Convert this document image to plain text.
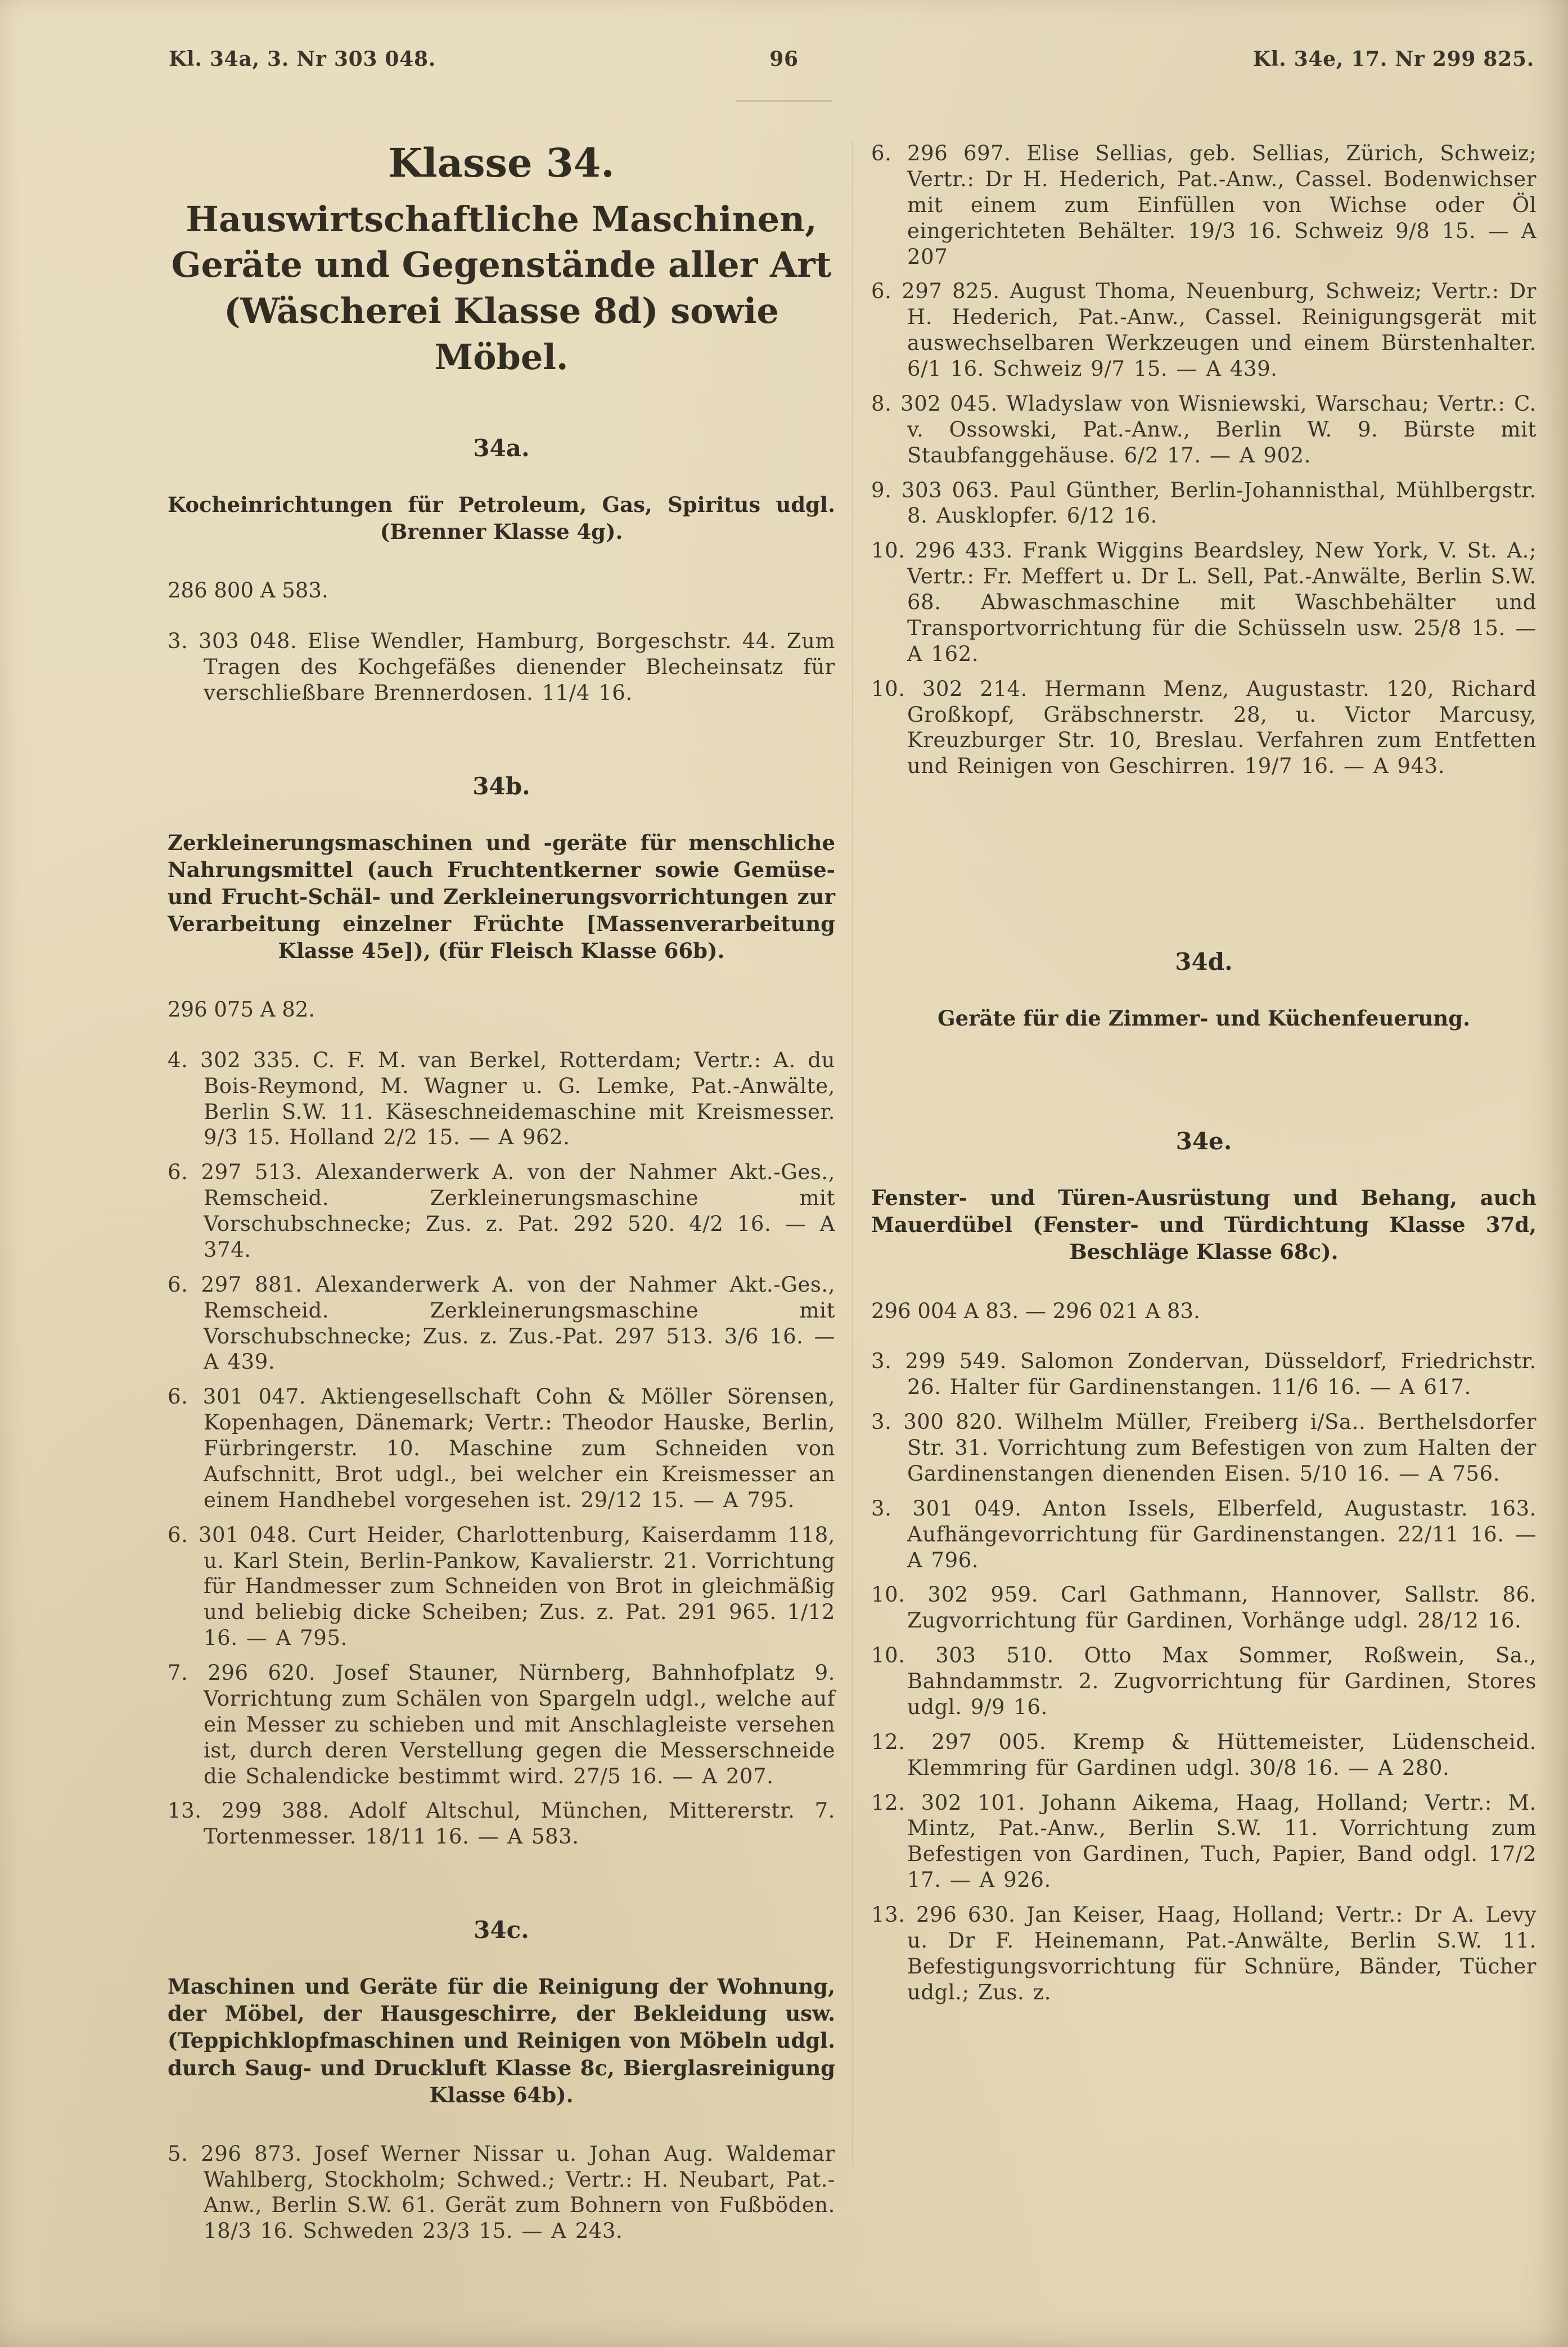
Kl. 34a, 3. Nr 303 048.	96	Kl. 34e, 17. Nr 299 825.
Klasse 34.
Hauswirtschaftliche Maschinen, Geräte und Gegenstände aller Art (Wäscherei Klasse 8d) sowie Möbel.
34a.
Kocheinrichtungen für Petroleum, Gas, Spiritus udgl. (Brenner Klasse 4g).

286 800 A 583.

3. 303 048. Elise Wendler, Hamburg, Borgeschstr. 44. Zum Tragen des Kochgefäßes dienender Blecheinsatz für verschließbare Brennerdosen. 11/4 16.

34b.
Zerkleinerungsmaschinen und -geräte für menschliche Nahrungsmittel (auch Fruchtentkerner sowie Gemüse- und Frucht-Schäl- und Zerkleinerungsvorrichtungen zur Verarbeitung einzelner Früchte [Massenverarbeitung Klasse 45e]), (für Fleisch Klasse 66b).

296 075 A 82.

4. 302 335. C. F. M. van Berkel, Rotterdam; Vertr.: A. du Bois-Reymond, M. Wagner u. G. Lemke, Pat.-Anwälte, Berlin S.W. 11. Käseschneidemaschine mit Kreismesser. 9/3 15. Holland 2/2 15. — A 962.

6. 297 513. Alexanderwerk A. von der Nahmer Akt.-Ges., Remscheid. Zerkleinerungsmaschine mit Vorschubschnecke; Zus. z. Pat. 292 520. 4/2 16. — A 374.

6. 297 881. Alexanderwerk A. von der Nahmer Akt.-Ges., Remscheid. Zerkleinerungsmaschine mit Vorschubschnecke; Zus. z. Zus.-Pat. 297 513. 3/6 16. — A 439.

6. 301 047. Aktiengesellschaft Cohn & Möller Sörensen, Kopenhagen, Dänemark; Vertr.: Theodor Hauske, Berlin, Fürbringerstr. 10. Maschine zum Schneiden von Aufschnitt, Brot udgl., bei welcher ein Kreismesser an einem Handhebel vorgesehen ist. 29/12 15. — A 795.

6. 301 048. Curt Heider, Charlottenburg, Kaiserdamm 118, u. Karl Stein, Berlin-Pankow, Kavalierstr. 21. Vorrichtung für Handmesser zum Schneiden von Brot in gleichmäßig und beliebig dicke Scheiben; Zus. z. Pat. 291 965. 1/12 16. — A 795.

7. 296 620. Josef Stauner, Nürnberg, Bahnhofplatz 9. Vorrichtung zum Schälen von Spargeln udgl., welche auf ein Messer zu schieben und mit Anschlagleiste versehen ist, durch deren Verstellung gegen die Messerschneide die Schalendicke bestimmt wird. 27/5 16. — A 207.

13. 299 388. Adolf Altschul, München, Mittererstr. 7. Tortenmesser. 18/11 16. — A 583.

34c.
Maschinen und Geräte für die Reinigung der Wohnung, der Möbel, der Hausgeschirre, der Bekleidung usw. (Teppichklopfmaschinen und Reinigen von Möbeln udgl. durch Saug- und Druckluft Klasse 8c, Bierglasreinigung Klasse 64b).

5. 296 873. Josef Werner Nissar u. Johan Aug. Waldemar Wahlberg, Stockholm; Schwed.; Vertr.: H. Neubart, Pat.-Anw., Berlin S.W. 61. Gerät zum Bohnern von Fußböden. 18/3 16. Schweden 23/3 15. — A 243.

6. 296 697. Elise Sellias, geb. Sellias, Zürich, Schweiz; Vertr.: Dr H. Hederich, Pat.-Anw., Cassel. Bodenwichser mit einem zum Einfüllen von Wichse oder Öl eingerichteten Behälter. 19/3 16. Schweiz 9/8 15. — A 207

6. 297 825. August Thoma, Neuenburg, Schweiz; Vertr.: Dr H. Hederich, Pat.-Anw., Cassel. Reinigungsgerät mit auswechselbaren Werkzeugen und einem Bürstenhalter. 6/1 16. Schweiz 9/7 15. — A 439.

8. 302 045. Wladyslaw von Wisniewski, Warschau; Vertr.: C. v. Ossowski, Pat.-Anw., Berlin W. 9. Bürste mit Staubfanggehäuse. 6/2 17. — A 902.

9. 303 063. Paul Günther, Berlin-Johannisthal, Mühlbergstr. 8. Ausklopfer. 6/12 16.

10. 296 433. Frank Wiggins Beardsley, New York, V. St. A.; Vertr.: Fr. Meffert u. Dr L. Sell, Pat.-Anwälte, Berlin S.W. 68. Abwaschmaschine mit Waschbehälter und Transportvorrichtung für die Schüsseln usw. 25/8 15. — A 162.

10. 302 214. Hermann Menz, Augustastr. 120, Richard Großkopf, Gräbschnerstr. 28, u. Victor Marcusy, Kreuzburger Str. 10, Breslau. Verfahren zum Entfetten und Reinigen von Geschirren. 19/7 16. — A 943.

34d.
Geräte für die Zimmer- und Küchenfeuerung.
34e.
Fenster- und Türen-Ausrüstung und Behang, auch Mauerdübel (Fenster- und Türdichtung Klasse 37d, Beschläge Klasse 68c).

296 004 A 83. — 296 021 A 83.

3. 299 549. Salomon Zondervan, Düsseldorf, Friedrichstr. 26. Halter für Gardinenstangen. 11/6 16. — A 617.

3. 300 820. Wilhelm Müller, Freiberg i/Sa.. Berthelsdorfer Str. 31. Vorrichtung zum Befestigen von zum Halten der Gardinenstangen dienenden Eisen. 5/10 16. — A 756.

3. 301 049. Anton Issels, Elberfeld, Augustastr. 163. Aufhängevorrichtung für Gardinenstangen. 22/11 16. — A 796.

10. 302 959. Carl Gathmann, Hannover, Sallstr. 86. Zugvorrichtung für Gardinen, Vorhänge udgl. 28/12 16.

10. 303 510. Otto Max Sommer, Roßwein, Sa., Bahndammstr. 2. Zugvorrichtung für Gardinen, Stores udgl. 9/9 16.

12. 297 005. Kremp & Hüttemeister, Lüdenscheid. Klemmring für Gardinen udgl. 30/8 16. — A 280.

12. 302 101. Johann Aikema, Haag, Holland; Vertr.: M. Mintz, Pat.-Anw., Berlin S.W. 11. Vorrichtung zum Befestigen von Gardinen, Tuch, Papier, Band odgl. 17/2 17. — A 926.

13. 296 630. Jan Keiser, Haag, Holland; Vertr.: Dr A. Levy u. Dr F. Heinemann, Pat.-Anwälte, Berlin S.W. 11. Befestigungsvorrichtung für Schnüre, Bänder, Tücher udgl.; Zus. z.
